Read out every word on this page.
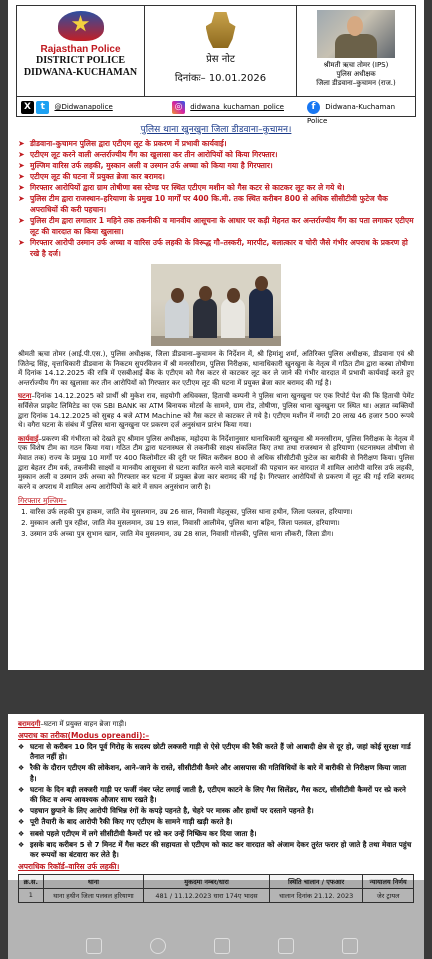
Rajasthan Police
DISTRICT POLICE
DIDWANA-KUCHAMAN
प्रेस नोट
दिनांकः– 10.01.2026
श्रीमती ऋचा तोमर (IPS)
पुलिस अधीक्षक
जिला डीडवाना–कुचामन (राज.)
X t @Didwanapolice	◎ didwana_kuchaman_police	f Didwana-Kuchaman Police
पुलिस थाना खुनखुना जिला डीडवाना–कुचामन।
➤ डीडवाना–कुचामन पुलिस द्वारा एटीएम लूट के प्रकरण में प्रभावी कार्यवाई।
➤ एटीएम लूट करने वाली अन्तर्राज्यीय गैंग का खुलासा कर तीन आरोपियों को किया गिरफ्तार।
➤ मुल्जिम वारिस उर्फ लहकी, मुस्कान अली व उस्मान उर्फ अच्चा को किया गया है गिरफ्तार।
➤ एटीएम लूट की घटना में प्रयुक्त ब्रेजा कार बरामद।
➤ गिरफ्तार आरोपियों द्वारा ग्राम तोषीणा बस स्टेण्ड पर स्थित एटीएम मशीन को गैस कटर से काटकर लूट कर ले गये थे।
➤ पुलिस टीम द्वारा राजस्थान–हरियाणा के प्रमुख 10 मार्गों पर 400 कि.मी. तक स्थित करीबन 800 से अधिक सीसीटीवी फुटेज चैक अपराधियों की करी पहचान।
➤ पुलिस टीम द्वारा लगातार 1 महिने तक तकनीकी व मानवीय आसूचना के आधार पर कड़ी मेहनत कर अन्तर्राज्यीय गैंग का पता लगाकर एटीएम लूट की वारदात का किया खुलासा।
➤ गिरफ्तार आरोपी उस्मान उर्फ अच्चा व वारिस उर्फ लहकी के विरूद्ध गौ–तस्करी, मारपीट, बलात्कार व चोरी जैसे गंभीर अपराध के प्रकरण हो रखे है दर्ज।
श्रीमती ऋचा तोमर (आई.पी.एस.), पुलिस अधीक्षक, जिला डीडवाना–कुचामन के निर्देशन में, श्री हिमांशु शर्मा, अतिरिक्त पुलिस अधीक्षक, डीडवाना एवं श्री जितेन्द्र सिंह, वृत्ताधिकारी डीडवाना के निकटम सुपरविजन में श्री मनरसीराम, पुलिस निरीक्षक, थानाधिकारी खुनखुना के नेतृत्व में गठित टीम द्वारा कस्बा तोषीणा में दिनांक 14.12.2025 की रात्रि में एसबीआई बैंक के एटीएम को गैस कटर से काटकर लूट कर ले जाने की गंभीर वारदात में प्रभावी कार्यवाई करते हुए अन्तर्राज्यीय गैंग का खुलासा कर तीन आरोपियों को गिरफ्तार कर एटीएम लूट की घटना में प्रयुक्त ब्रेजा कार बरामद की गई है।
घटना–दिनांक 14.12.2025 को प्रार्थी श्री मुकेश राव, सहयोगी अधिवक्ता, हिताची कम्पनी ने पुलिस थाना खुनखुना पर एक रिपोर्ट पेश की कि हिताची पेमेंट सर्विसेज प्राइवेट लिमिटेड का एक SBI BANK का ATM बिनायक मोटर्स के सामने, ग्राम रोड, तोषीणा, पुलिस थाना खुनखुना पर स्थित था। अज्ञात व्यक्तियों द्वारा दिनांक 14.12.2025 को सुबह 4 बजे ATM Machine को गैस कटर से काटकर ले गये है। एटीएम मशीन में नगदी 20 लाख 46 हजार 500 रूपये थे। वगैरा घटना के संबंध में पुलिस थाना खुनखुना पर प्रकरण दर्ज अनुसंधान प्रारंभ किया गया।
कार्यवाई–प्रकरण की गंभीरता को देखते हुए श्रीमान पुलिस अधीक्षक, महोदया के निर्देशानुसार थानाधिकारी खुनखुना श्री मनरसीराम, पुलिस निरीक्षक के नेतृत्व में एक विशेष टीम का गठन किया गया। गठित टीम द्वारा घटनास्थल से तकनीकी साक्ष्य संकलित किए तथा तथा राजस्थान से हरियाणा (घटनास्थल तोषीणा से मेवात तक) राज्य के प्रमुख 10 मार्गों पर 400 किलोमीटर की दूरी पर स्थित करीबन 800 से अधिक सीसीटीवी फुटेज का बारीकी से निरीक्षण किया। पुलिस द्वारा बेहतर टीम वर्क, तकनीकी साक्ष्यों व मानवीय आसूचना से घटना कारित करने वाले बदमाशों की पहचान कर वारदात में शामिल आरोपी वारिस उर्फ लहकी, मुस्कान अली व उस्मान उर्फ अच्चा को गिरफ्तार कर घटना में प्रयुक्त ब्रेजा कार बरामद की गई है। गिरफ्तार आरोपियों से प्रकरण में लूट की गई राशि बरामद करने व अपराध में शामिल अन्य आरोपियों के बारे में सघन अनुसंधान जारी है।
गिरफ्तार मुल्जिम–
1. वारिस उर्फ लहकी पुत्र हाकम, जाति मेव मुसलमान, उम्र 26 साल, निवासी मेहलूका, पुलिस थाना हथीन, जिला पलवल, हरियाणा।
2. मुस्कान अली पुत्र रहीश, जाति मेव मुसलमान, उम्र 19 साल, निवासी आलीमेव, पुलिस थाना बहिन, जिला पलवल, हरियाणा।
3. उस्मान उर्फ अच्चा पुत्र सुभान खान, जाति मेव मुसलमान, उम्र 28 साल, निवासी गोलकी, पुलिस थाना लीकरी, जिला डीग।
बरामदगी–घटना में प्रयुक्त वाहन ब्रेजा गाड़ी।
अपराध का तरीका(Modus opreandi):–
❖ घटना से करीबन 10 दिन पूर्व गिरोह के सदस्य छोटी लक्जरी गाड़ी से ऐसे एटीएम की रैकी करते हैं जो आबादी क्षेत्र से दूर हो, जहां कोई सुरक्षा गार्ड तैनात नहीं हो।
❖ रैकी के दौरान एटीएम की लोकेशन, आने–जाने के रास्ते, सीसीटीवी कैमरे और आसपास की गतिविधियों के बारे में बारीकी से निरीक्षण किया जाता है।
❖ घटना के दिन बड़ी लक्जरी गाड़ी पर फर्जी नंबर प्लेट लगाई जाती है, एटीएम काटने के लिए गैस सिलेंडर, गैस कटर, सीसीटीवी कैमरों पर स्प्रे करने की किट व अन्य आवश्यक औजार साथ रखते है।
❖ पहचान छुपाने के लिए आरोपी विभिन्न रंगों के कपड़े पहनते है, चेहरे पर मास्क और हाथों पर दस्ताने पहनते है।
❖ पूरी तैयारी के बाद आरोपी रैकी किए गए एटीएम के सामने गाड़ी खड़ी करते है।
❖ सबसे पहले एटीएम में लगे सीसीटीवी कैमरों पर स्प्रे कर उन्हें निष्क्रिय कर दिया जाता है।
❖ इसके बाद करीबन 5 से 7 मिनट में गैस कटर की सहायता से एटीएम को काट कर वारदात को अंजाम देकर तुरंत फरार हो जाते है तथा मेवात पहुंच कर रूपयों का बंटवारा कर लेते है।
अपराधिक रिकॉर्ड–वारिस उर्फ लहकी।
क्र.स.	थाना	मुकदमा नम्बर/धारा	स्थिति चालान / एफआर	न्यायालय निर्णय
1	थाना हथीन जिला पलवल हरियाणा	481 / 11.12.2023 धारा 174ए भादस	चालान दिनांक 21.12. 2023	जेर ट्रायल
